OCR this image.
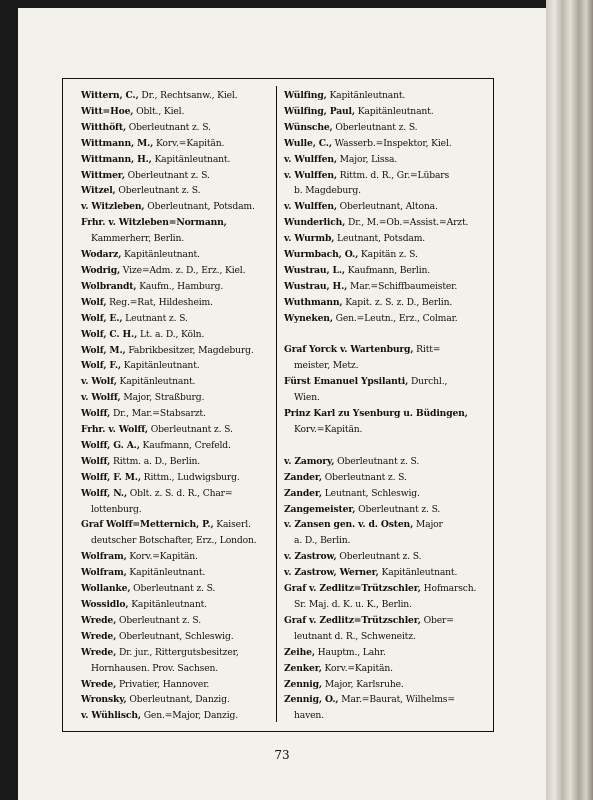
Wittern, C., Dr., Rechtsanw., Kiel.
Witt=Hoe, Oblt., Kiel.
Witthöft, Oberleutnant z. S.
Wittmann, M., Korv.=Kapitän.
Wittmann, H., Kapitänleutnant.
Wittmer, Oberleutnant z. S.
Witzel, Oberleutnant z. S.
v. Witzleben, Oberleutnant, Potsdam.
Frhr. v. Witzleben=Normann,
Kammerherr, Berlin.
Wodarz, Kapitänleutnant.
Wodrig, Vize=Adm. z. D., Erz., Kiel.
Wolbrandt, Kaufm., Hamburg.
Wolf, Reg.=Rat, Hildesheim.
Wolf, E., Leutnant z. S.
Wolf, C. H., Lt. a. D., Köln.
Wolf, M., Fabrikbesitzer, Magdeburg.
Wolf, F., Kapitänleutnant.
v. Wolf, Kapitänleutnant.
v. Wolff, Major, Straßburg.
Wolff, Dr., Mar.=Stabsarzt.
Frhr. v. Wolff, Oberleutnant z. S.
Wolff, G. A., Kaufmann, Crefeld.
Wolff, Rittm. a. D., Berlin.
Wolff, F. M., Rittm., Ludwigsburg.
Wolff, N., Oblt. z. S. d. R., Char=
lottenburg.
Graf Wolff=Metternich, P., Kaiserl.
deutscher Botschafter, Erz., London.
Wolfram, Korv.=Kapitän.
Wolfram, Kapitänleutnant.
Wollanke, Oberleutnant z. S.
Wossidlo, Kapitänleutnant.
Wrede, Oberleutnant z. S.
Wrede, Oberleutnant, Schleswig.
Wrede, Dr. jur., Rittergutsbesitzer,
Hornhausen. Prov. Sachsen.
Wrede, Privatier, Hannover.
Wronsky, Oberleutnant, Danzig.
v. Wühlisch, Gen.=Major, Danzig.
Wülfing, Kapitänleutnant.
Wülfing, Paul, Kapitänleutnant.
Wünsche, Oberleutnant z. S.
Wulle, C., Wasserb.=Inspektor, Kiel.
v. Wulffen, Major, Lissa.
v. Wulffen, Rittm. d. R., Gr.=Lübars
b. Magdeburg.
v. Wulffen, Oberleutnant, Altona.
Wunderlich, Dr., M.=Ob.=Assist.=Arzt.
v. Wurmb, Leutnant, Potsdam.
Wurmbach, O., Kapitän z. S.
Wustrau, L., Kaufmann, Berlin.
Wustrau, H., Mar.=Schiffbaumeister.
Wuthmann, Kapit. z. S. z. D., Berlin.
Wyneken, Gen.=Leutn., Erz., Colmar.
Graf Yorck v. Wartenburg, Ritt=
meister, Metz.
Fürst Emanuel Ypsilanti, Durchl.,
Wien.
Prinz Karl zu Ysenburg u. Büdingen,
Korv.=Kapitän.
v. Zamory, Oberleutnant z. S.
Zander, Oberleutnant z. S.
Zander, Leutnant, Schleswig.
Zangemeister, Oberleutnant z. S.
v. Zansen gen. v. d. Osten, Major
a. D., Berlin.
v. Zastrow, Oberleutnant z. S.
v. Zastrow, Werner, Kapitänleutnant.
Graf v. Zedlitz=Trützschler, Hofmarsch.
Sr. Maj. d. K. u. K., Berlin.
Graf v. Zedlitz=Trützschler, Ober=
leutnant d. R., Schweneitz.
Zeihe, Hauptm., Lahr.
Zenker, Korv.=Kapitän.
Zennig, Major, Karlsruhe.
Zennig, O., Mar.=Baurat, Wilhelms=
haven.
73
